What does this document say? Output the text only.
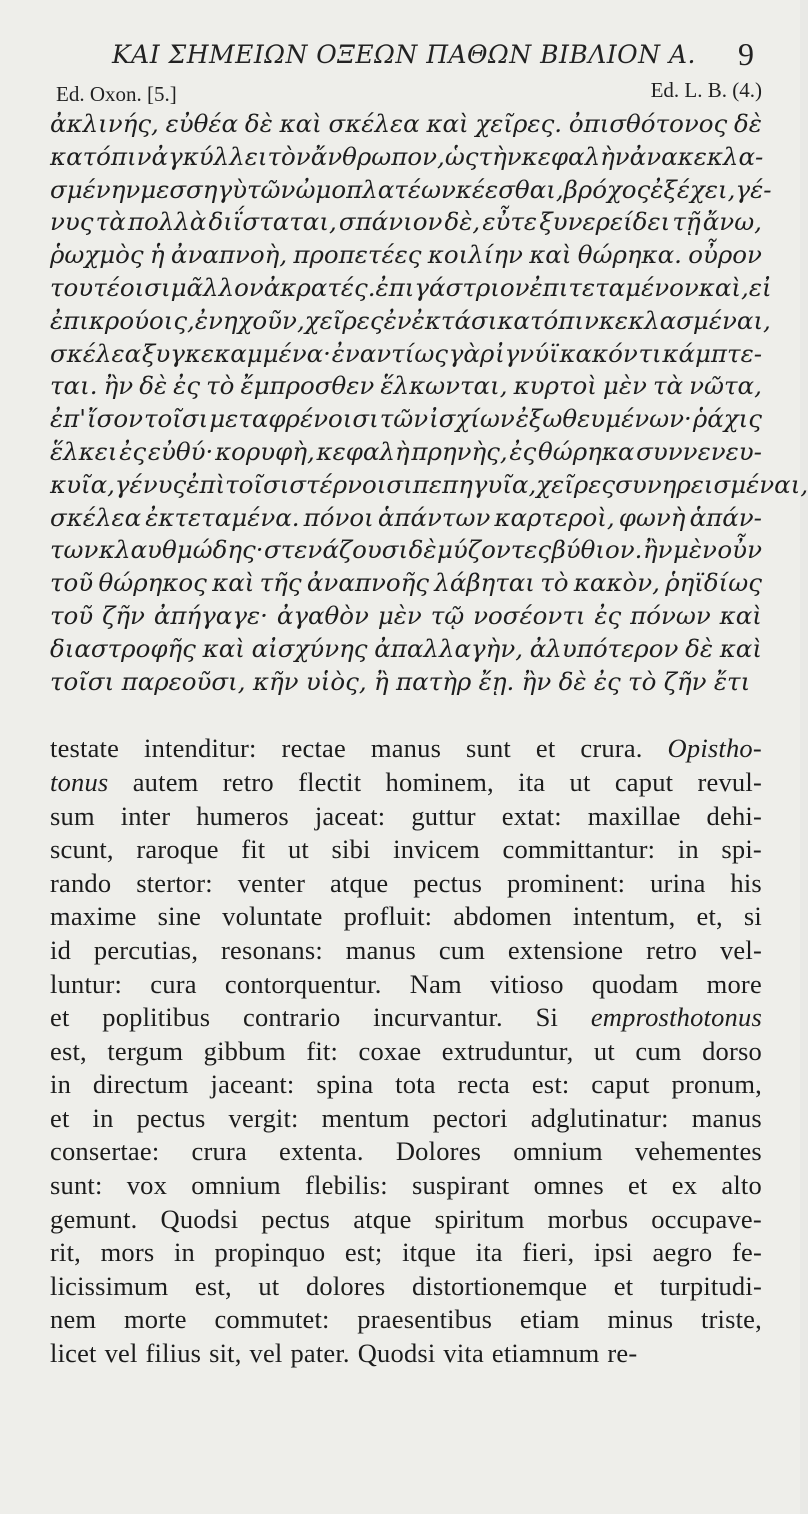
ΚΑΙ ΣΗΜΕΙΩΝ ΟΞΕΩΝ ΠΑΘΩΝ ΒΙΒΛΙΟΝ Α. 9
Ed. Oxon. [5.]	Ed. L. B. (4.)
ἀκλινής, εὐθέα δὲ καὶ σκέλεα καὶ χεῖρες. ὀπισθότονος δὲ
κατόπιν ἀγκύλλει τὸν ἄνθρωπον, ὡς τὴν κεφαλὴν ἀνακεκλα-
σμένην μεσσηγὺ τῶν ὠμοπλατέων κέεσθαι, βρόχος ἐξέχει, γέ-
νυς τὰ πολλὰ διΐσταται, σπάνιον δὲ, εὖτε ξυνερείδει τῇ ἄνω,
ῥωχμὸς ἡ ἀναπνοὴ, προπετέες κοιλίην καὶ θώρηκα. οὖρον
τουτέοισι μᾶλλον ἀκρατές. ἐπιγάστριον ἐπιτεταμένον καὶ, εἰ
ἐπικρούοις, ἐνηχοῦν, χεῖρες ἐν ἐκτάσι κατόπιν κεκλασμέναι,
σκέλεα ξυγκεκαμμένα· ἐναντίως γὰρ ἰγνύϊ κακόν τι κάμπτε-
ται. ἢν δὲ ἐς τὸ ἔμπροσθεν ἕλκωνται, κυρτοὶ μὲν τὰ νῶτα,
ἐπ' ἴσον τοῖσι μεταφρένοισι τῶν ἰσχίων ἐξωθευμένων· ῥάχις
ἕλκει ἐς εὐθύ· κορυφὴ, κεφαλὴ πρηνὴς, ἐς θώρηκα συννενευ-
κυῖα, γένυς ἐπὶ τοῖσι στέρνοισι πεπηγυῖα, χεῖρες συνηρεισμέναι,
σκέλεα ἐκτεταμένα. πόνοι ἁπάντων καρτεροὶ, φωνὴ ἁπάν-
των κλαυθμώδης· στενάζουσι δὲ μύζοντες βύθιον. ἢν μὲν οὖν
τοῦ θώρηκος καὶ τῆς ἀναπνοῆς λάβηται τὸ κακὸν, ῥηϊδίως
τοῦ ζῆν ἀπήγαγε· ἀγαθὸν μὲν τῷ νοσέοντι ἐς πόνων καὶ
διαστροφῆς καὶ αἰσχύνης ἀπαλλαγὴν, ἀλυπότερον δὲ καὶ
τοῖσι παρεοῦσι, κῆν υἱὸς, ἢ πατὴρ ἔῃ. ἢν δὲ ἐς τὸ ζῆν ἔτι
testate intenditur: rectae manus sunt et crura. Opistho-
tonus autem retro flectit hominem, ita ut caput revul-
sum inter humeros jaceat: guttur extat: maxillae dehi-
scunt, raroque fit ut sibi invicem committantur: in spi-
rando stertor: venter atque pectus prominent: urina his
maxime sine voluntate profluit: abdomen intentum, et, si
id percutias, resonans: manus cum extensione retro vel-
luntur: cura contorquentur. Nam vitioso quodam more
et poplitibus contrario incurvantur. Si emprosthotonus
est, tergum gibbum fit: coxae extruduntur, ut cum dorso
in directum jaceant: spina tota recta est: caput pronum,
et in pectus vergit: mentum pectori adglutinatur: manus
consertae: crura extenta. Dolores omnium vehementes
sunt: vox omnium flebilis: suspirant omnes et ex alto
gemunt. Quodsi pectus atque spiritum morbus occupave-
rit, mors in propinquo est; itque ita fieri, ipsi aegro fe-
licissimum est, ut dolores distortionemque et turpitudi-
nem morte commutet: praesentibus etiam minus triste,
licet vel filius sit, vel pater. Quodsi vita etiamnum re-
